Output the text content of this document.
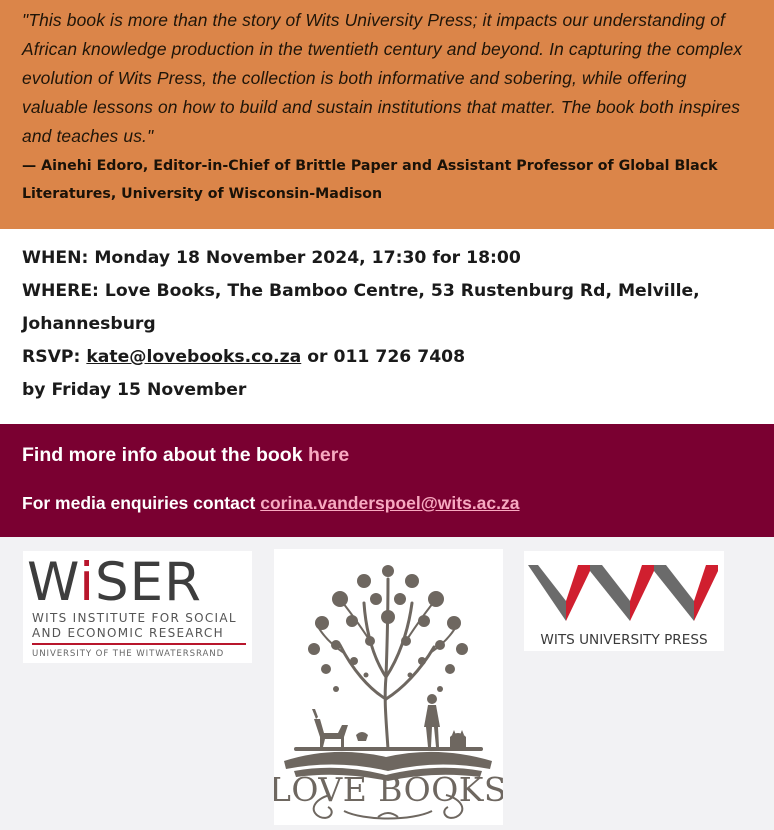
"This book is more than the story of Wits University Press; it impacts our understanding of African knowledge production in the twentieth century and beyond. In capturing the complex evolution of Wits Press, the collection is both informative and sobering, while offering valuable lessons on how to build and sustain institutions that matter. The book both inspires and teaches us."

— Ainehi Edoro, Editor-in-Chief of Brittle Paper and Assistant Professor of Global Black Literatures, University of Wisconsin-Madison

WHEN: Monday 18 November 2024, 17:30 for 18:00

WHERE: Love Books, The Bamboo Centre, 53 Rustenburg Rd, Melville, Johannesburg

RSVP: kate@lovebooks.co.za or 011 726 7408

by Friday 15 November

Find more info about the book here

For media enquiries contact corina.vanderspoel@wits.ac.za

WiSER
WITS INSTITUTE FOR SOCIAL
AND ECONOMIC RESEARCH
UNIVERSITY OF THE WITWATERSRAND
LOVE BOOKS
WITS UNIVERSITY PRESS
